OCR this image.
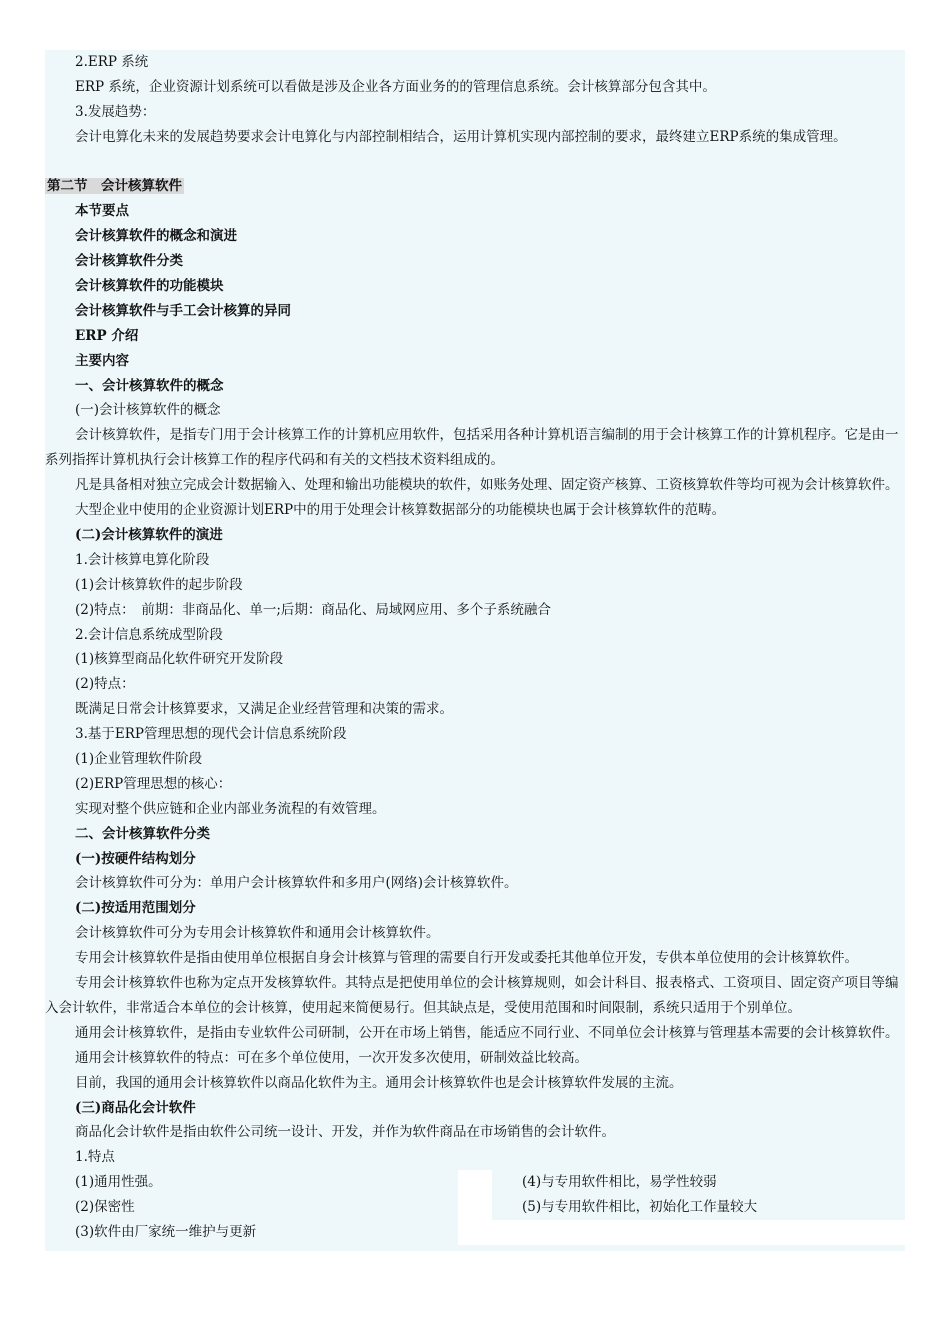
2.ERP 系统
ERP 系统，企业资源计划系统可以看做是涉及企业各方面业务的的管理信息系统。会计核算部分包含其中。
3.发展趋势：
会计电算化未来的发展趋势要求会计电算化与内部控制相结合，运用计算机实现内部控制的要求，最终建立ERP系统的集成管理。
第二节　会计核算软件
本节要点
会计核算软件的概念和演进
会计核算软件分类
会计核算软件的功能模块
会计核算软件与手工会计核算的异同
ERP 介绍
主要内容
一、会计核算软件的概念
(一)会计核算软件的概念
会计核算软件，是指专门用于会计核算工作的计算机应用软件，包括采用各种计算机语言编制的用于会计核算工作的计算机程序。它是由一系列指挥计算机执行会计核算工作的程序代码和有关的文档技术资料组成的。
凡是具备相对独立完成会计数据输入、处理和输出功能模块的软件，如账务处理、固定资产核算、工资核算软件等均可视为会计核算软件。
大型企业中使用的企业资源计划ERP中的用于处理会计核算数据部分的功能模块也属于会计核算软件的范畴。
(二)会计核算软件的演进
1.会计核算电算化阶段
(1)会计核算软件的起步阶段
(2)特点：　前期：非商品化、单一;后期：商品化、局域网应用、多个子系统融合
2.会计信息系统成型阶段
(1)核算型商品化软件研究开发阶段
(2)特点：
既满足日常会计核算要求，又满足企业经营管理和决策的需求。
3.基于ERP管理思想的现代会计信息系统阶段
(1)企业管理软件阶段
(2)ERP管理思想的核心：
实现对整个供应链和企业内部业务流程的有效管理。
二、会计核算软件分类
(一)按硬件结构划分
会计核算软件可分为：单用户会计核算软件和多用户(网络)会计核算软件。
(二)按适用范围划分
会计核算软件可分为专用会计核算软件和通用会计核算软件。
专用会计核算软件是指由使用单位根据自身会计核算与管理的需要自行开发或委托其他单位开发，专供本单位使用的会计核算软件。
专用会计核算软件也称为定点开发核算软件。其特点是把使用单位的会计核算规则，如会计科目、报表格式、工资项目、固定资产项目等编入会计软件，非常适合本单位的会计核算，使用起来简便易行。但其缺点是，受使用范围和时间限制，系统只适用于个别单位。
通用会计核算软件，是指由专业软件公司研制，公开在市场上销售，能适应不同行业、不同单位会计核算与管理基本需要的会计核算软件。
通用会计核算软件的特点：可在多个单位使用，一次开发多次使用，研制效益比较高。
目前，我国的通用会计核算软件以商品化软件为主。通用会计核算软件也是会计核算软件发展的主流。
(三)商品化会计软件
商品化会计软件是指由软件公司统一设计、开发，并作为软件商品在市场销售的会计软件。
1.特点
(1)通用性强。
(2)保密性
(3)软件由厂家统一维护与更新
(4)与专用软件相比，易学性较弱
(5)与专用软件相比，初始化工作量较大
